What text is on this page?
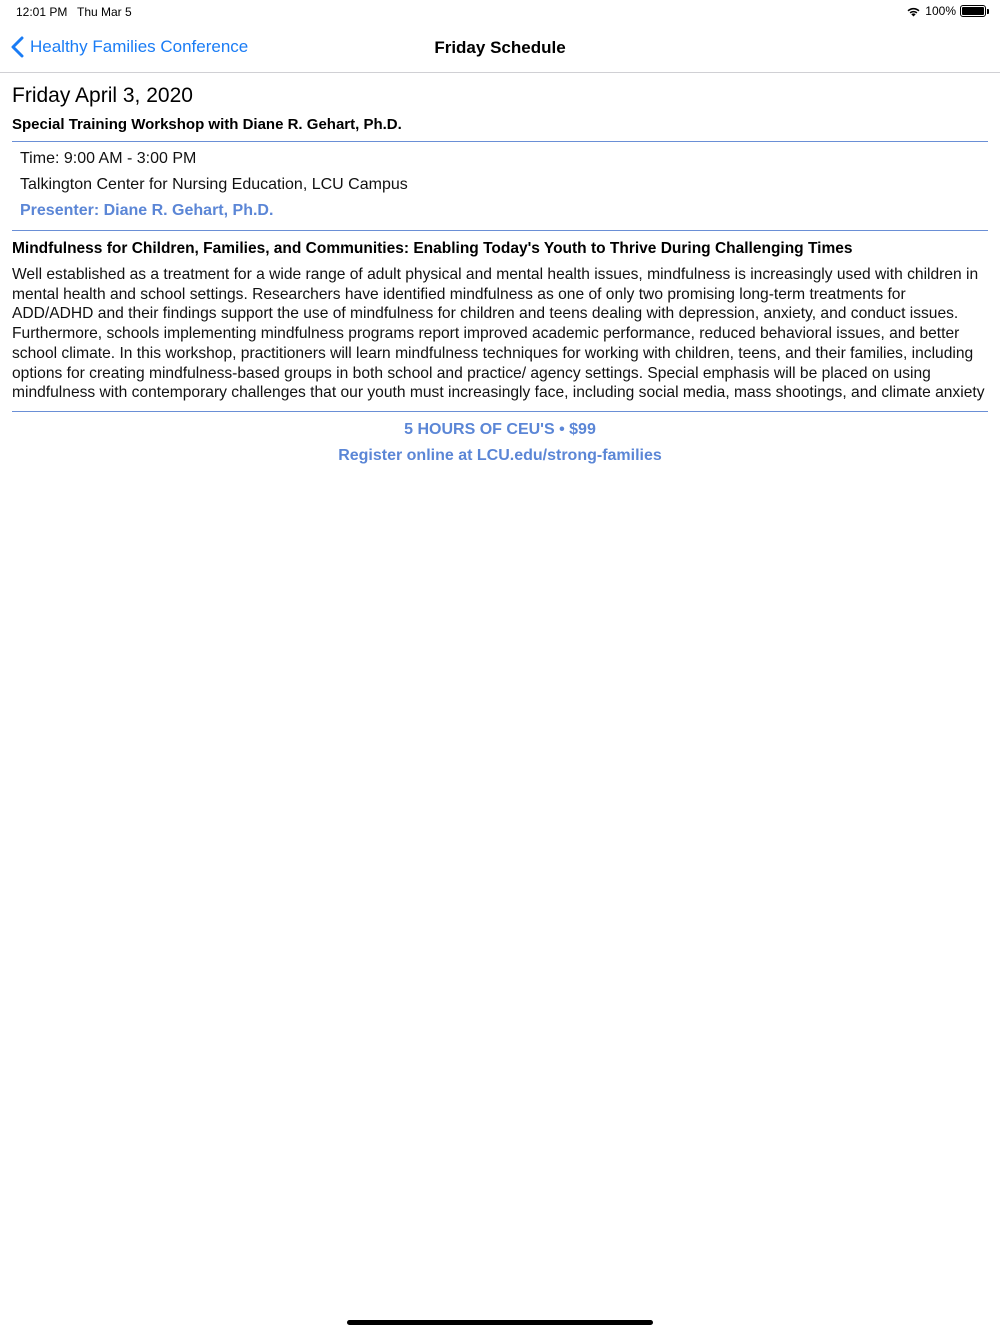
12:01 PM Thu Mar 5	100%
Healthy Families Conference	Friday Schedule
Friday April 3, 2020
Special Training Workshop with Diane R. Gehart, Ph.D.
Time: 9:00 AM - 3:00 PM
Talkington Center for Nursing Education, LCU Campus
Presenter: Diane R. Gehart, Ph.D.
Mindfulness for Children, Families, and Communities: Enabling Today's Youth to Thrive During Challenging Times

Well established as a treatment for a wide range of adult physical and mental health issues, mindfulness is increasingly used with children in mental health and school settings. Researchers have identified mindfulness as one of only two promising long-term treatments for ADD/ADHD and their findings support the use of mindfulness for children and teens dealing with depression, anxiety, and conduct issues. Furthermore, schools implementing mindfulness programs report improved academic performance, reduced behavioral issues, and better school climate. In this workshop, practitioners will learn mindfulness techniques for working with children, teens, and their families, including options for creating mindfulness-based groups in both school and practice/ agency settings. Special emphasis will be placed on using mindfulness with contemporary challenges that our youth must increasingly face, including social media, mass shootings, and climate anxiety

5 HOURS OF CEU'S • $99
Register online at LCU.edu/strong-families
